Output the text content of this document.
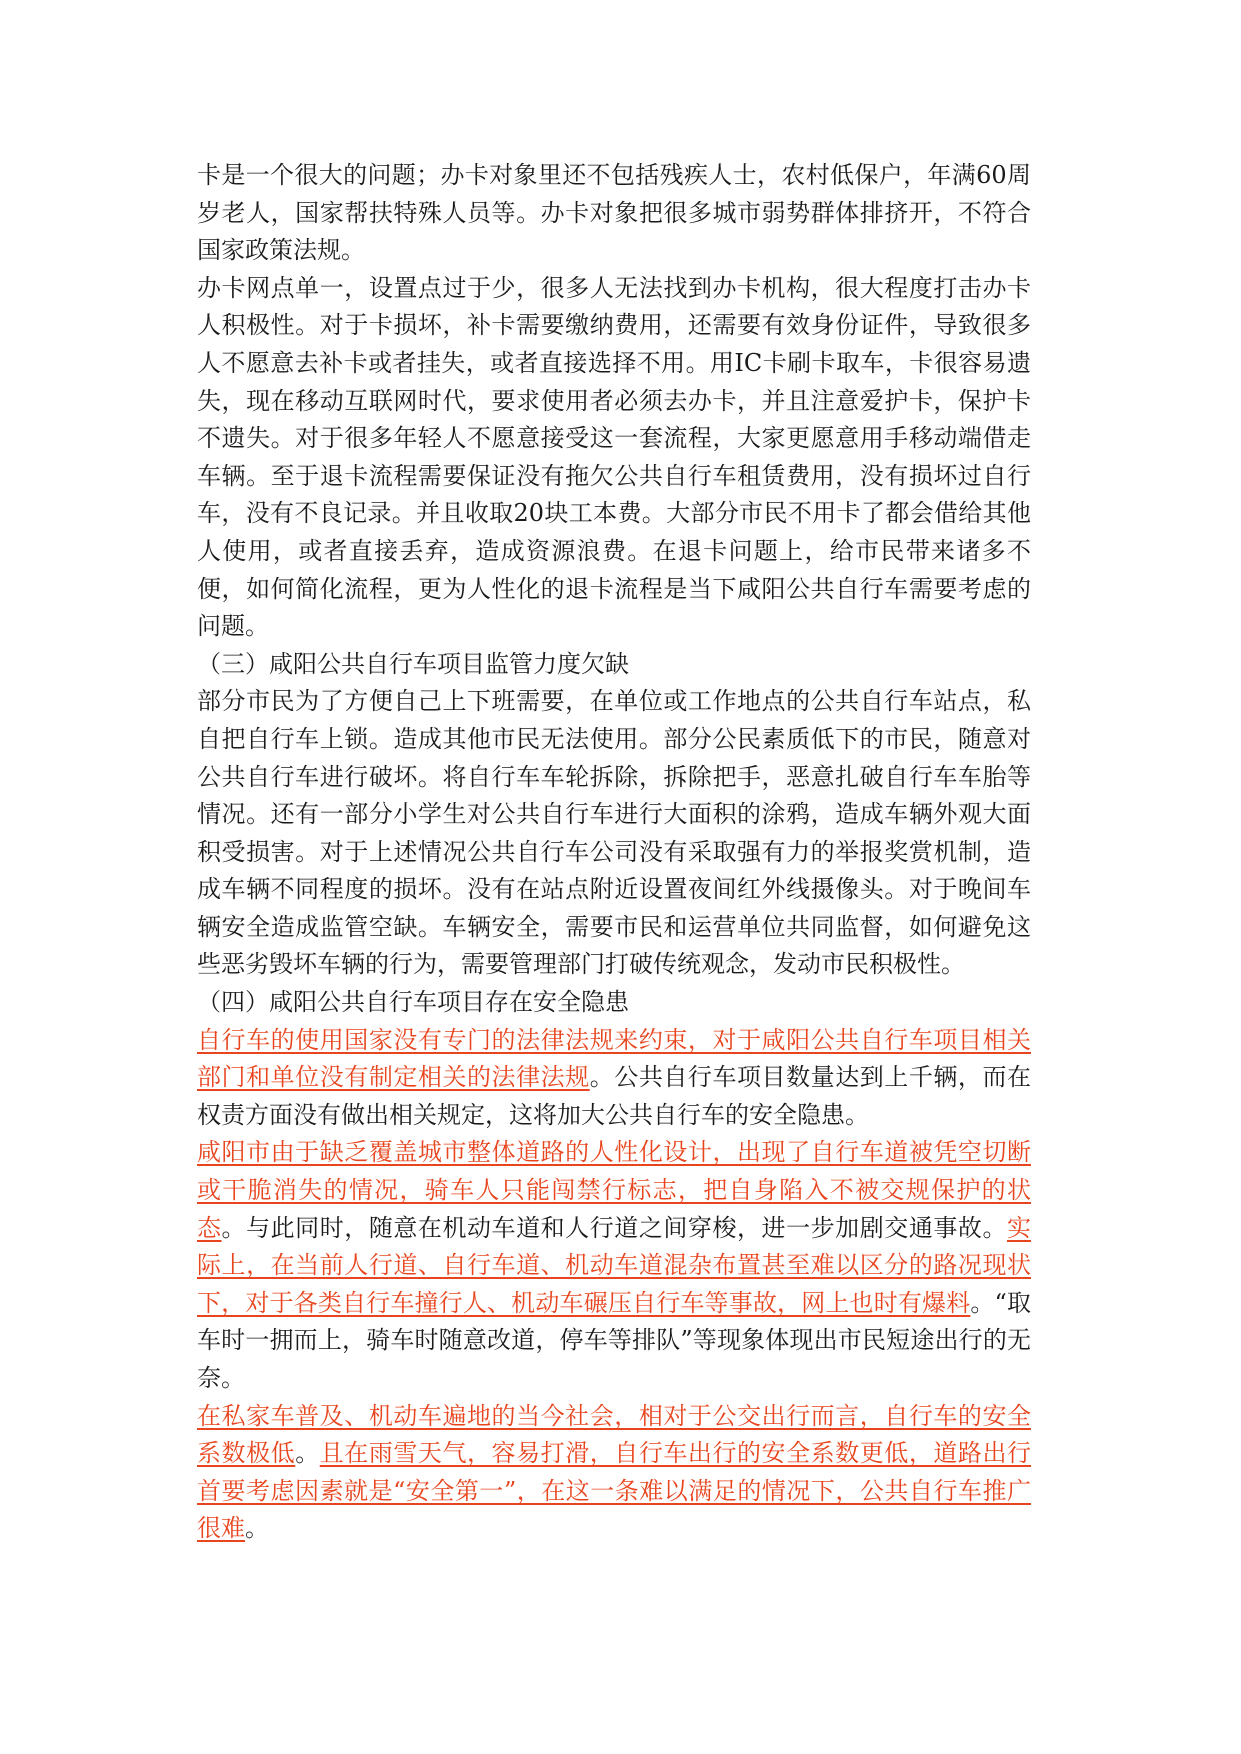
卡是一个很大的问题；办卡对象里还不包括残疾人士，农村低保户，年满60周岁老人，国家帮扶特殊人员等。办卡对象把很多城市弱势群体排挤开，不符合国家政策法规。

办卡网点单一，设置点过于少，很多人无法找到办卡机构，很大程度打击办卡人积极性。对于卡损坏，补卡需要缴纳费用，还需要有效身份证件，导致很多人不愿意去补卡或者挂失，或者直接选择不用。用IC卡刷卡取车，卡很容易遗失，现在移动互联网时代，要求使用者必须去办卡，并且注意爱护卡，保护卡不遗失。对于很多年轻人不愿意接受这一套流程，大家更愿意用手移动端借走车辆。至于退卡流程需要保证没有拖欠公共自行车租赁费用，没有损坏过自行车，没有不良记录。并且收取20块工本费。大部分市民不用卡了都会借给其他人使用，或者直接丢弃，造成资源浪费。在退卡问题上，给市民带来诸多不便，如何简化流程，更为人性化的退卡流程是当下咸阳公共自行车需要考虑的问题。

（三）咸阳公共自行车项目监管力度欠缺

部分市民为了方便自己上下班需要，在单位或工作地点的公共自行车站点，私自把自行车上锁。造成其他市民无法使用。部分公民素质低下的市民，随意对公共自行车进行破坏。将自行车车轮拆除，拆除把手，恶意扎破自行车车胎等情况。还有一部分小学生对公共自行车进行大面积的涂鸦，造成车辆外观大面积受损害。对于上述情况公共自行车公司没有采取强有力的举报奖赏机制，造成车辆不同程度的损坏。没有在站点附近设置夜间红外线摄像头。对于晚间车辆安全造成监管空缺。车辆安全，需要市民和运营单位共同监督，如何避免这些恶劣毁坏车辆的行为，需要管理部门打破传统观念，发动市民积极性。

（四）咸阳公共自行车项目存在安全隐患

自行车的使用国家没有专门的法律法规来约束，对于咸阳公共自行车项目相关部门和单位没有制定相关的法律法规。公共自行车项目数量达到上千辆，而在权责方面没有做出相关规定，这将加大公共自行车的安全隐患。

咸阳市由于缺乏覆盖城市整体道路的人性化设计，出现了自行车道被凭空切断或干脆消失的情况，骑车人只能闯禁行标志，把自身陷入不被交规保护的状态。与此同时，随意在机动车道和人行道之间穿梭，进一步加剧交通事故。实际上，在当前人行道、自行车道、机动车道混杂布置甚至难以区分的路况现状下，对于各类自行车撞行人、机动车碾压自行车等事故，网上也时有爆料。“取车时一拥而上，骑车时随意改道，停车等排队”等现象体现出市民短途出行的无奈。

在私家车普及、机动车遍地的当今社会，相对于公交出行而言，自行车的安全系数极低。且在雨雪天气，容易打滑，自行车出行的安全系数更低，道路出行首要考虑因素就是“安全第一”，在这一条难以满足的情况下，公共自行车推广很难。
